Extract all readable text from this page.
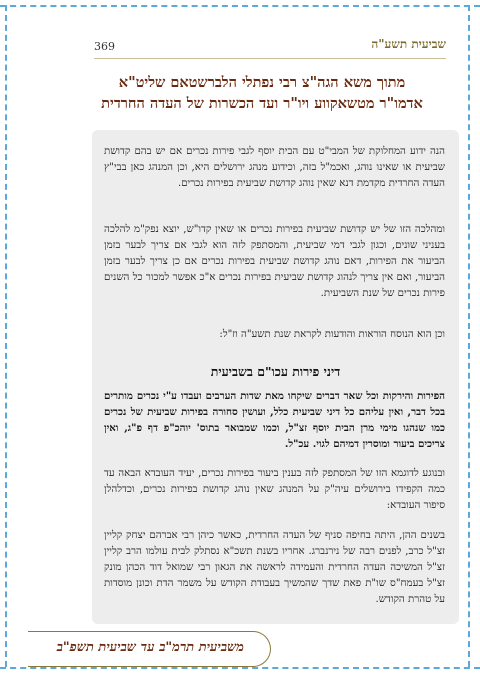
369	שביעית תשע"ה
מתוך משא הגה"צ רבי נפתלי הלברשטאם שליט"א
אדמו"ר מטשאקווע ויו"ר ועד הכשרות של העדה החרדית
הנה ידוע המחלוקת של המבי"ט עם הבית יוסף לגבי פירות נכרים אם יש בהם קדושת שביעית או שאינו נוהג, ואכמ"ל בזה, וכידוע מנהג ירושלים היא, וכן המנהג כאן בבי"ץ העדה החרדית מקדמת דנא שאין נוהג קדושת שביעית בפירות נכרים.
ומהלכה הזו של יש קדושת שביעית בפירות נכרים או שאין קדו"ש, יוצא נפק"מ להלכה בעניני שונים, וכגון לגבי דמי שביעית, והמסתפק לזה הוא לגבי אם צריך לבער בזמן הביעור את הפירות, דאם נוהג קדושת שביעית בפירות נכרים אם כן צריך לבער בזמן הביעור, ואם אין צריך לנהוג קדושת שביעית בפירות נכרים א"כ אפשר למכור כל השנים פירות נכרים של שנת השביעית.
וכן הוא הנוסח הוראות והודעות לקראת שנת תשע"ה וז"ל:
דיני פירות עכו"ם בשביעית
הפירות והירקות וכל שאר דברים שיקחו מאת שדות הערבים ועבדו ע"י נכרים מותרים בכל דבר, ואין עליהם כל דיני שביעית כלל, ועושין סחורה בפירות שביעית של נכרים כמו שנהגו מימי מרן הבית יוסף זצ"ל, וכמו שמבואר בתוס' יוהכ"פ דף פ"ג, ואין צריכים ביעור ומוסרין דמיהם לגוי. עכ"ל.
ובנוגע לדוגמא הזו של המסתפק לזה בענין ביעור בפירות נכרים, יעיד העובדא הבאה עד כמה הקפידו בירושלים עיה"ק על המנהג שאין נוהג קדושת בפירות נכרים, וכדלהלן סיפור העובדא:
בשנים ההן, היתה בחיפה סניף של העדה החרדית, כאשר כיהן רבי אברהם יצחק קליין זצ"ל כרב, לפנים רבה של נירנברג. אחריו בשנת תשכ"א נסתלק לבית עולמו הרב קליין זצ"ל המשיכה העדה החרדית והעמידה לראשה את הגאון רבי שמואל דוד הכהן מונק זצ"ל בעמח"ס שו"ת פאת שדך שהמשיך בעבודת הקודש על משמר הדת וכונן מוסדות על טהרת הקודש.
משביעית תרמ"ב עד שביעית תשפ"ב
